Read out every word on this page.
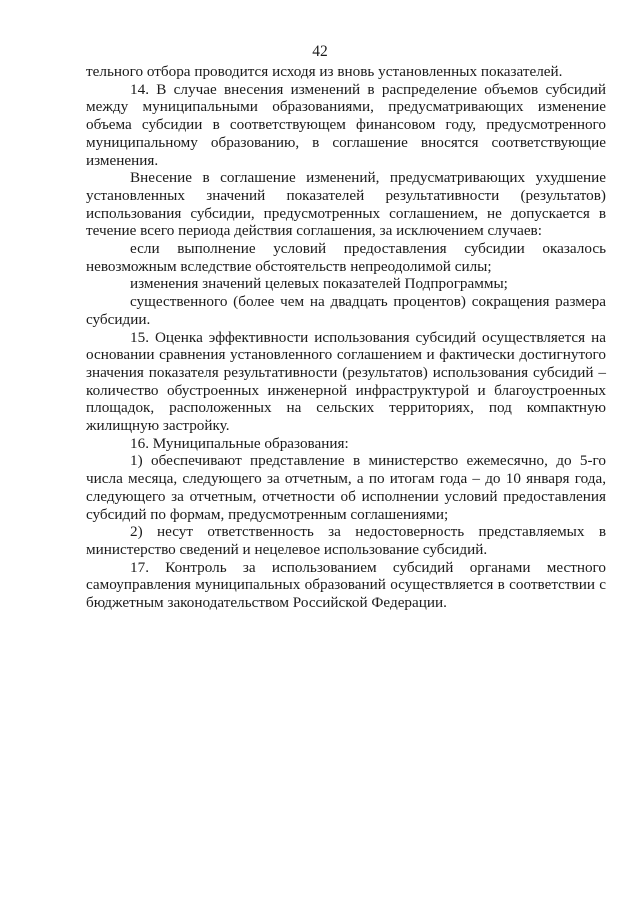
42

тельного отбора проводится исходя из вновь установленных показателей.

14. В случае внесения изменений в распределение объемов субсидий между муниципальными образованиями, предусматривающих изменение объема субсидии в соответствующем финансовом году, предусмотренного муниципальному образованию, в соглашение вносятся соответствующие изменения.

Внесение в соглашение изменений, предусматривающих ухудшение установленных значений показателей результативности (результатов) использования субсидии, предусмотренных соглашением, не допускается в течение всего периода действия соглашения, за исключением случаев:

если выполнение условий предоставления субсидии оказалось невозможным вследствие обстоятельств непреодолимой силы;

изменения значений целевых показателей Подпрограммы;

существенного (более чем на двадцать процентов) сокращения размера субсидии.

15. Оценка эффективности использования субсидий осуществляется на основании сравнения установленного соглашением и фактически достигнутого значения показателя результативности (результатов) использования субсидий – количество обустроенных инженерной инфраструктурой и благоустроенных площадок, расположенных на сельских территориях, под компактную жилищную застройку.

16. Муниципальные образования:

1) обеспечивают представление в министерство ежемесячно, до 5-го числа месяца, следующего за отчетным, а по итогам года – до 10 января года, следующего за отчетным, отчетности об исполнении условий предоставления субсидий по формам, предусмотренным соглашениями;

2) несут ответственность за недостоверность представляемых в министерство сведений и нецелевое использование субсидий.

17. Контроль за использованием субсидий органами местного самоуправления муниципальных образований осуществляется в соответствии с бюджетным законодательством Российской Федерации.
